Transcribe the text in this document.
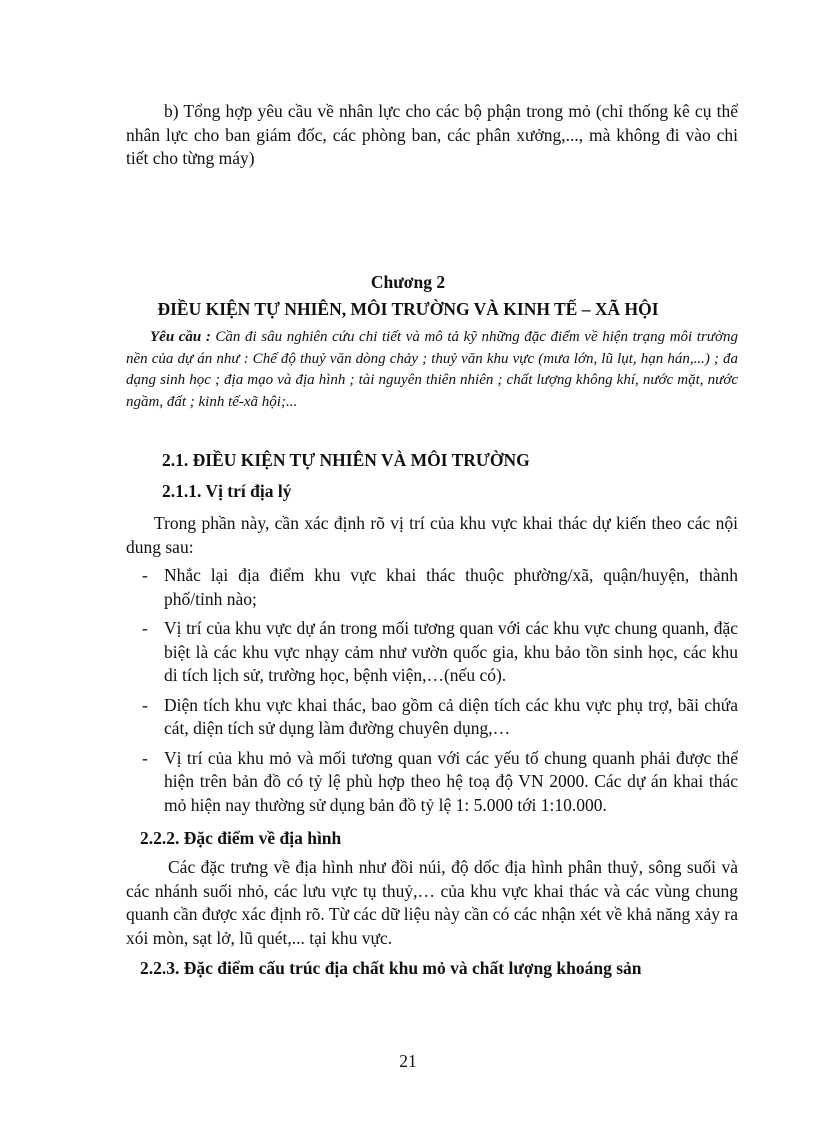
b) Tổng hợp yêu cầu về nhân lực cho các bộ phận trong mỏ (chỉ thống kê cụ thể nhân lực cho ban giám đốc, các phòng ban, các phân xưởng,..., mà không đi vào chi tiết cho từng máy)
Chương 2
ĐIỀU KIỆN TỰ NHIÊN, MÔI TRƯỜNG VÀ KINH TẾ – XÃ HỘI
Yêu cầu : Cần đi sâu nghiên cứu chi tiết và mô tả kỹ những đặc điểm về hiện trạng môi trường nền của dự án như : Chế độ thuỷ văn dòng chảy ; thuỷ văn khu vực (mưa lớn, lũ lụt, hạn hán,...) ; đa dạng sinh học ; địa mạo và địa hình ; tài nguyên thiên nhiên ; chất lượng không khí, nước mặt, nước ngầm, đất ; kinh tế-xã hội;...
2.1. ĐIỀU KIỆN TỰ NHIÊN VÀ MÔI TRƯỜNG
2.1.1. Vị trí địa lý
Trong phần này, cần xác định rõ vị trí của khu vực khai thác dự kiến theo các nội dung sau:
- Nhắc lại địa điểm khu vực khai thác thuộc phường/xã, quận/huyện, thành phố/tỉnh nào;
- Vị trí của khu vực dự án trong mối tương quan với các khu vực chung quanh, đặc biệt là các khu vực nhạy cảm như vườn quốc gia, khu bảo tồn sinh học, các khu di tích lịch sử, trường học, bệnh viện,…(nếu có).
- Diện tích khu vực khai thác, bao gồm cả diện tích các khu vực phụ trợ, bãi chứa cát, diện tích sử dụng làm đường chuyên dụng,…
- Vị trí của khu mỏ và mối tương quan với các yếu tố chung quanh phải được thể hiện trên bản đồ có tỷ lệ phù hợp theo hệ toạ độ VN 2000. Các dự án khai thác mỏ hiện nay thường sử dụng bản đồ tỷ lệ 1: 5.000 tới 1:10.000.
2.2.2. Đặc điểm về địa hình
Các đặc trưng về địa hình như đồi núi, độ dốc địa hình phân thuỷ, sông suối và các nhánh suối nhỏ, các lưu vực tụ thuỷ,… của khu vực khai thác và các vùng chung quanh cần được xác định rõ. Từ các dữ liệu này cần có các nhận xét về khả năng xảy ra xói mòn, sạt lở, lũ quét,... tại khu vực.
2.2.3. Đặc điểm cấu trúc địa chất khu mỏ và chất lượng khoáng sản
21
